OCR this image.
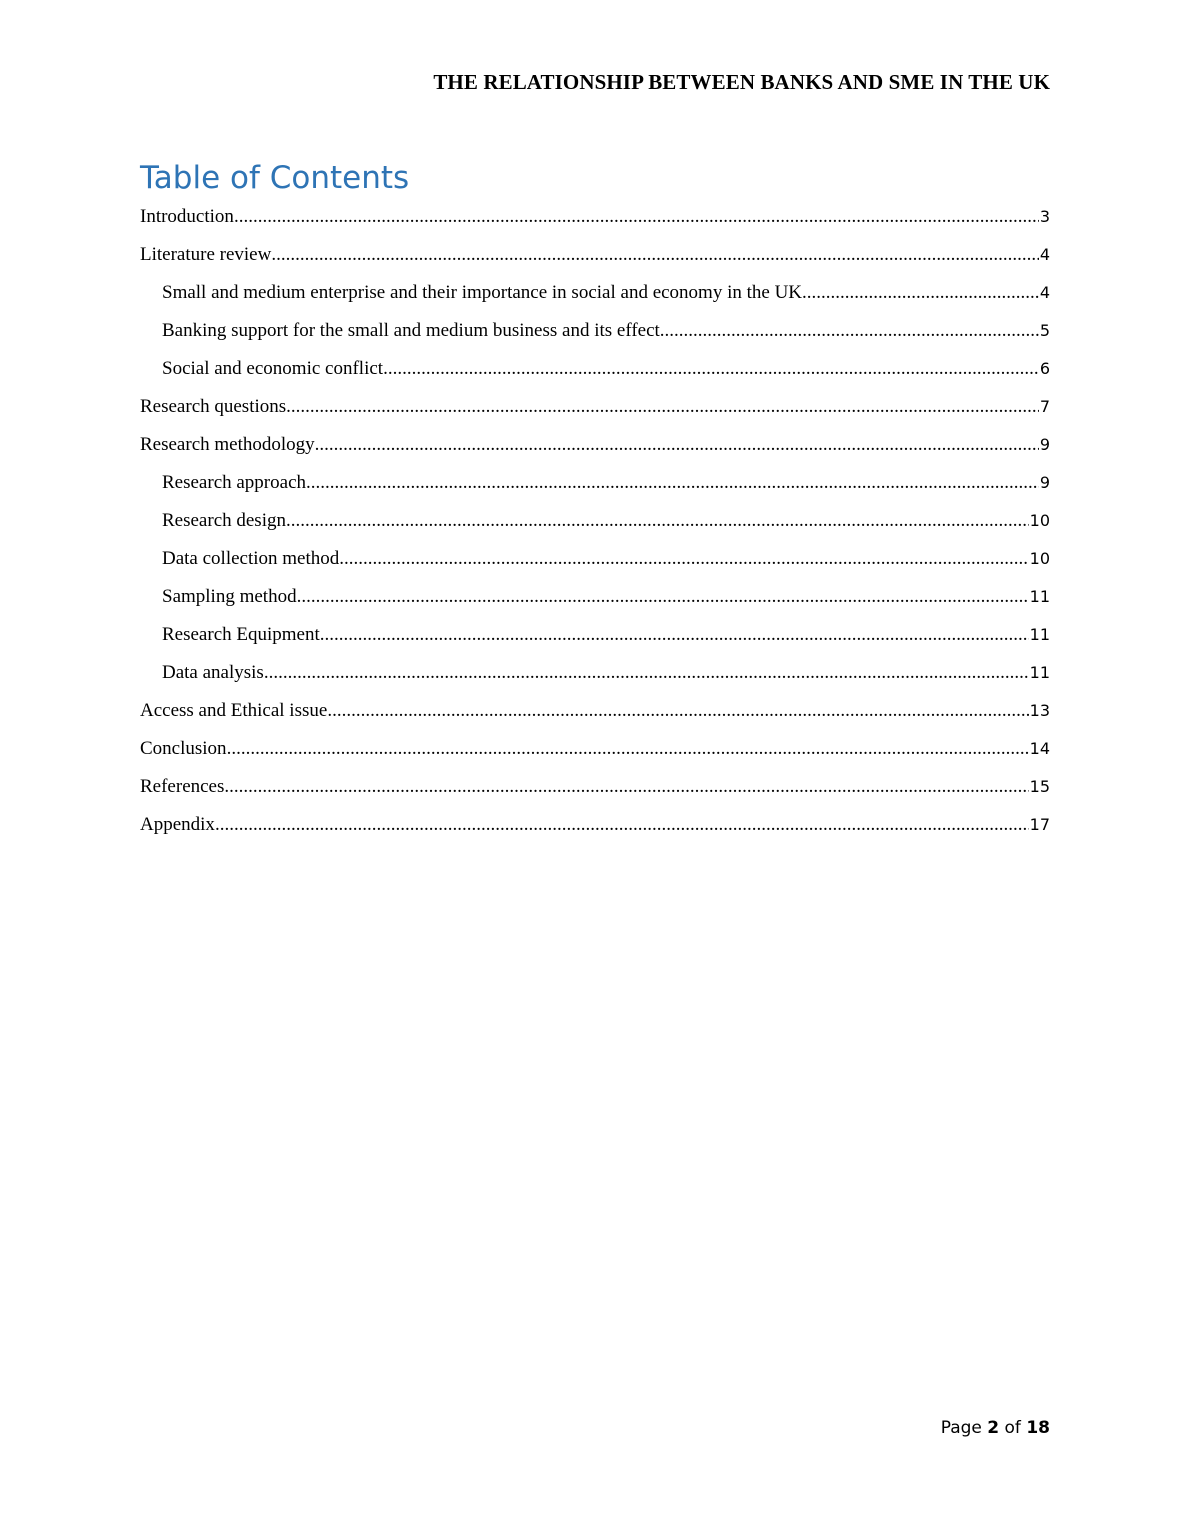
THE RELATIONSHIP BETWEEN BANKS AND SME IN THE UK
Table of Contents
Introduction .....	3
Literature review .....	4
Small and medium enterprise and their importance in social and economy in the UK .....	4
Banking support for the small and medium business and its effect .....	5
Social and economic conflict .....	6
Research questions .....	7
Research methodology .....	9
Research approach .....	9
Research design .....	10
Data collection method .....	10
Sampling method .....	11
Research Equipment .....	11
Data analysis .....	11
Access and Ethical issue .....	13
Conclusion .....	14
References .....	15
Appendix .....	17
Page 2 of 18
